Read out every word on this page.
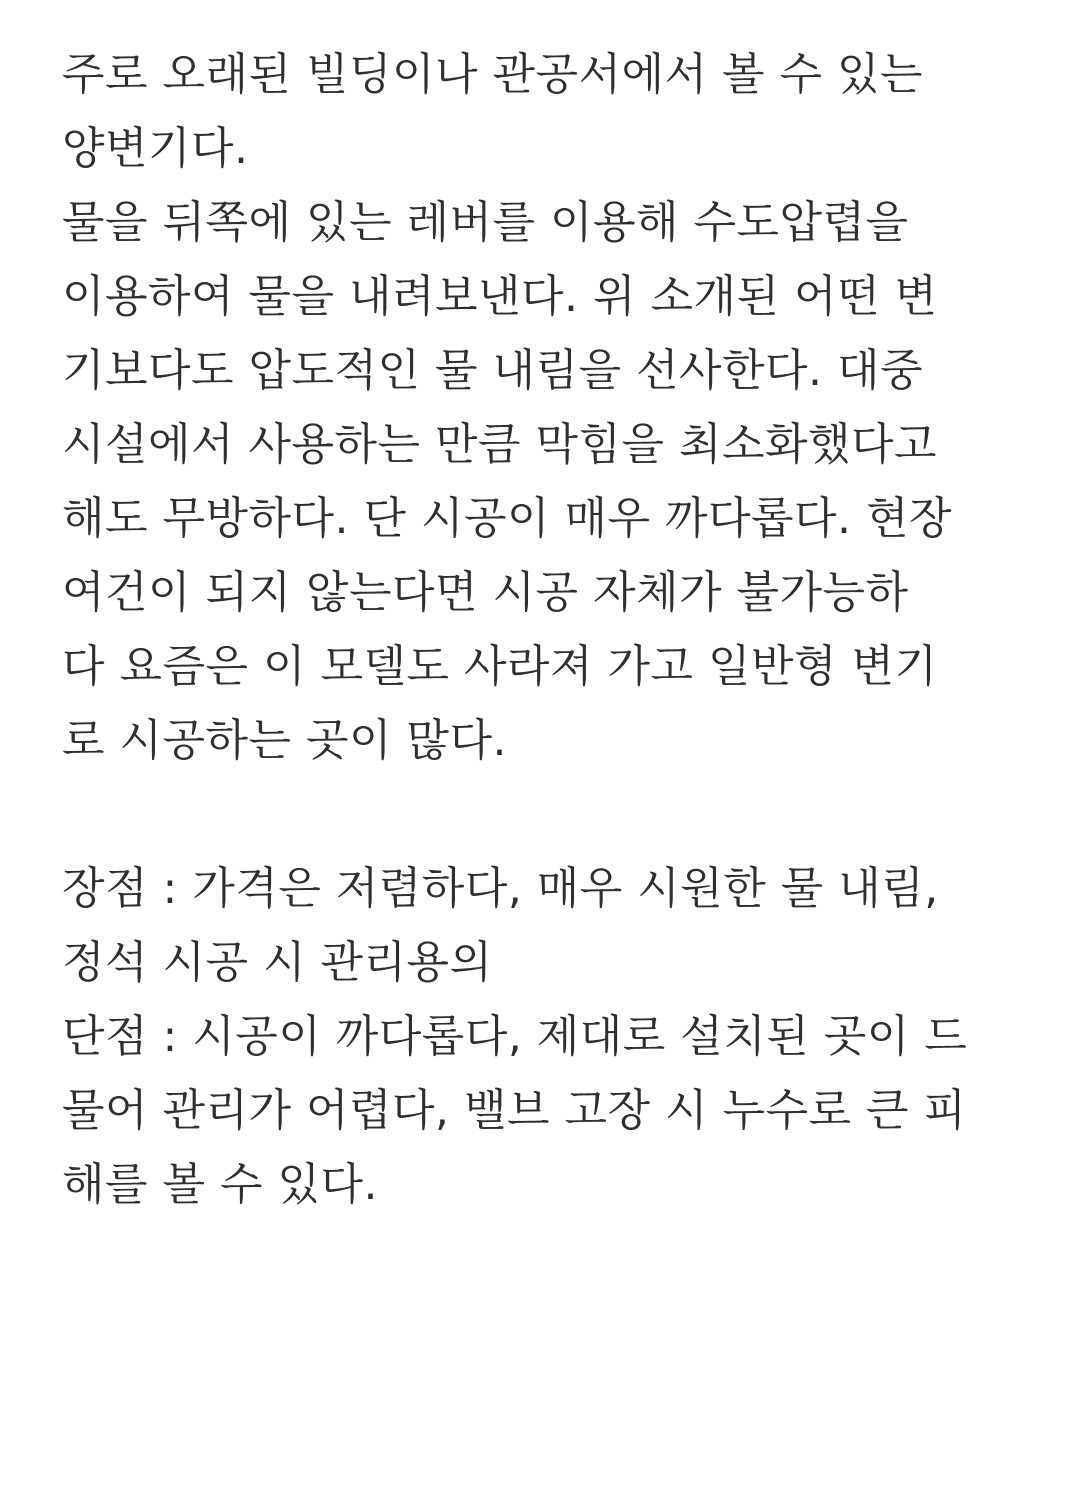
주로 오래된 빌딩이나 관공서에서 볼 수 있는
양변기다.
물을 뒤쪽에 있는 레버를 이용해 수도압렵을
이용하여 물을 내려보낸다. 위 소개된 어떤 변
기보다도 압도적인 물 내림을 선사한다. 대중
시설에서 사용하는 만큼 막힘을 최소화했다고
해도 무방하다. 단 시공이 매우 까다롭다. 현장
여건이 되지 않는다면 시공 자체가 불가능하
다 요즘은 이 모델도 사라져 가고 일반형 변기
로 시공하는 곳이 많다.
장점 : 가격은 저렴하다, 매우 시원한 물 내림,
정석 시공 시 관리용의
단점 : 시공이 까다롭다, 제대로 설치된 곳이 드
물어 관리가 어렵다, 밸브 고장 시 누수로 큰 피
해를 볼 수 있다.
